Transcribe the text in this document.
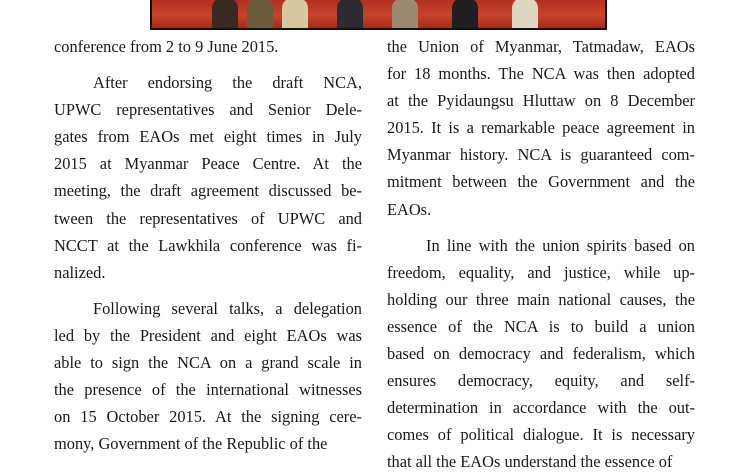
conference from 2 to 9 June 2015.
After endorsing the draft NCA,
UPWC representatives and Senior Dele-
gates from EAOs met eight times in July
2015 at Myanmar Peace Centre. At the
meeting, the draft agreement discussed be-
tween the representatives of UPWC and
NCCT at the Lawkhila conference was fi-
nalized.
Following several talks, a delegation
led by the President and eight EAOs was
able to sign the NCA on a grand scale in
the presence of the international witnesses
on 15 October 2015. At the signing cere-
mony, Government of the Republic of the
the Union of Myanmar, Tatmadaw, EAOs
for 18 months. The NCA was then adopted
at the Pyidaungsu Hluttaw on 8 December
2015. It is a remarkable peace agreement in
Myanmar history. NCA is guaranteed com-
mitment between the Government and the
EAOs.
In line with the union spirits based on
freedom, equality, and justice, while up-
holding our three main national causes, the
essence of the NCA is to build a union
based on democracy and federalism, which
ensures democracy, equity, and self-
determination in accordance with the out-
comes of political dialogue. It is necessary
that all the EAOs understand the essence of
